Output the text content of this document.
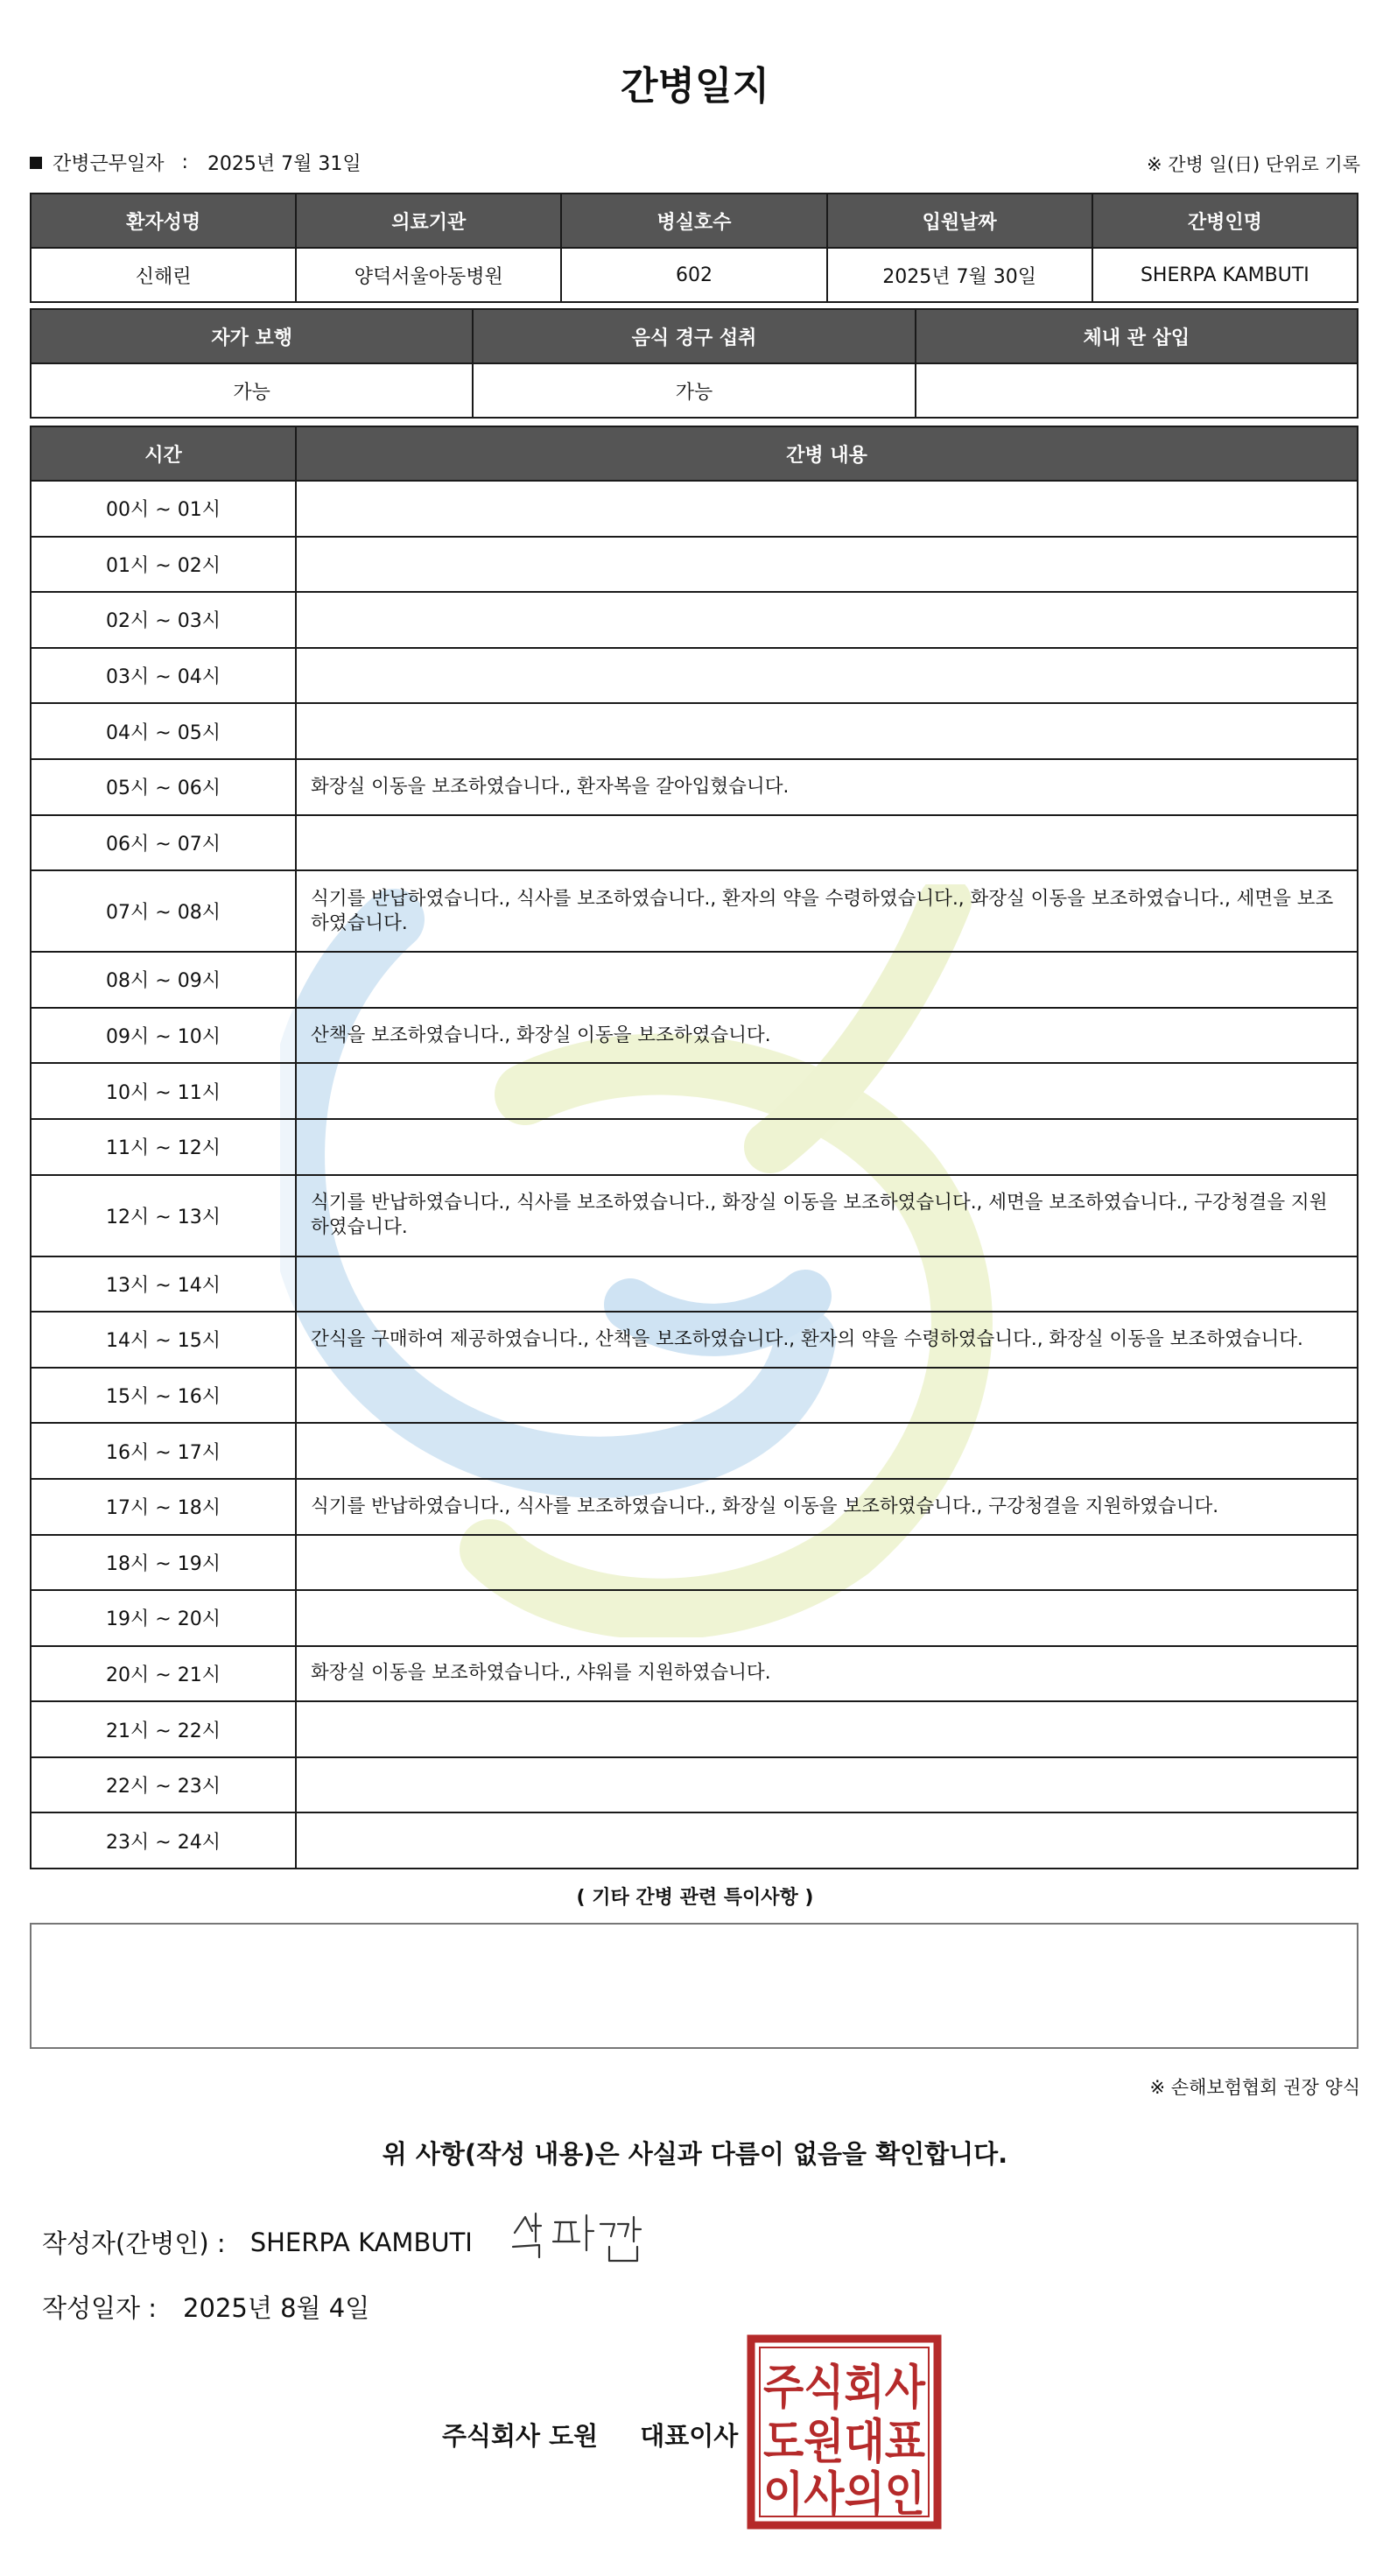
간병일지
간병근무일자 : 2025년 7월 31일	※ 간병 일(日) 단위로 기록
환자성명	의료기관	병실호수	입원날짜	간병인명
신해린	양덕서울아동병원	602	2025년 7월 30일	SHERPA KAMBUTI
자가 보행	음식 경구 섭취	체내 관 삽입
가능	가능	
시간	간병 내용
00시 ~ 01시	
01시 ~ 02시	
02시 ~ 03시	
03시 ~ 04시	
04시 ~ 05시	
05시 ~ 06시	화장실 이동을 보조하였습니다., 환자복을 갈아입혔습니다.
06시 ~ 07시	
07시 ~ 08시	식기를 반납하였습니다., 식사를 보조하였습니다., 환자의 약을 수령하였습니다., 화장실 이동을 보조하였습니다., 세면을 보조하였습니다.
08시 ~ 09시	
09시 ~ 10시	산책을 보조하였습니다., 화장실 이동을 보조하였습니다.
10시 ~ 11시	
11시 ~ 12시	
12시 ~ 13시	식기를 반납하였습니다., 식사를 보조하였습니다., 화장실 이동을 보조하였습니다., 세면을 보조하였습니다., 구강청결을 지원하였습니다.
13시 ~ 14시	
14시 ~ 15시	간식을 구매하여 제공하였습니다., 산책을 보조하였습니다., 환자의 약을 수령하였습니다., 화장실 이동을 보조하였습니다.
15시 ~ 16시	
16시 ~ 17시	
17시 ~ 18시	식기를 반납하였습니다., 식사를 보조하였습니다., 화장실 이동을 보조하였습니다., 구강청결을 지원하였습니다.
18시 ~ 19시	
19시 ~ 20시	
20시 ~ 21시	화장실 이동을 보조하였습니다., 샤워를 지원하였습니다.
21시 ~ 22시	
22시 ~ 23시	
23시 ~ 24시	
( 기타 간병 관련 특이사항 )
※ 손해보험협회 권장 양식
위 사항(작성 내용)은 사실과 다름이 없음을 확인합니다.
작성자(간병인) : SHERPA KAMBUTI
작성일자 : 2025년 8월 4일
주식회사 도원 대표이사
주식회사
도원대표
이사의인
